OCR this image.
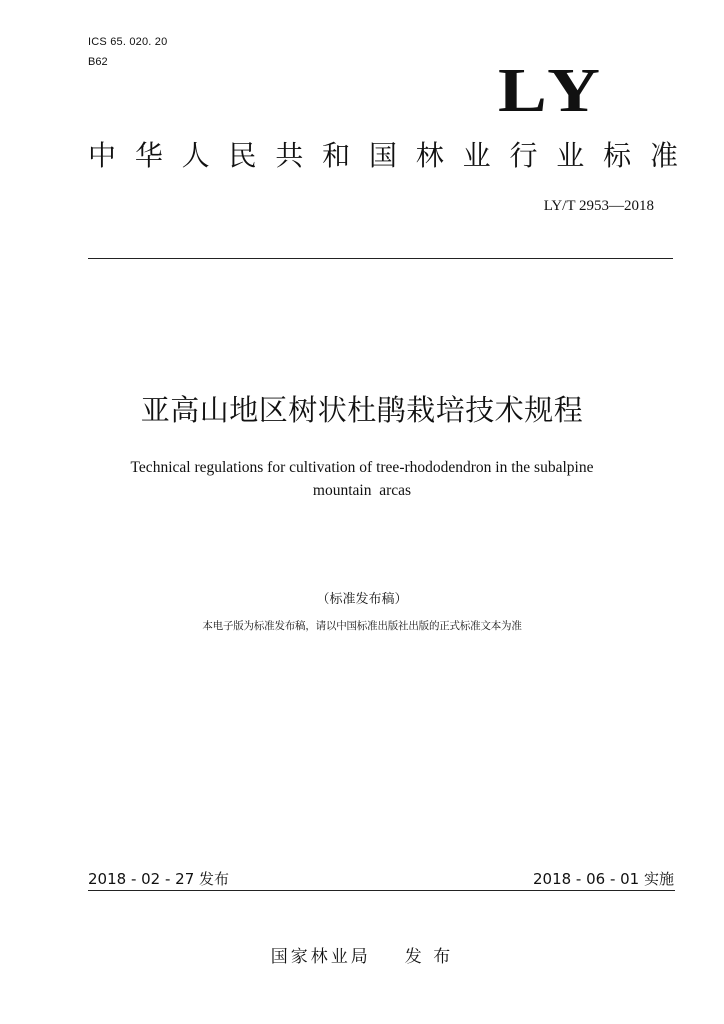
ICS 65. 020. 20
B62	LY
中 华 人 民 共 和 国 林 业 行 业 标 准
LY/T 2953—2018
亚高山地区树状杜鹃栽培技术规程
Technical regulations for cultivation of tree-rhododendron in the subalpine
mountain  arcas
（标准发布稿）
本电子版为标准发布稿，请以中国标准出版社出版的正式标准文本为准
2018 - 02 - 27 发布	2018 - 06 - 01 实施
国家林业局 发 布
